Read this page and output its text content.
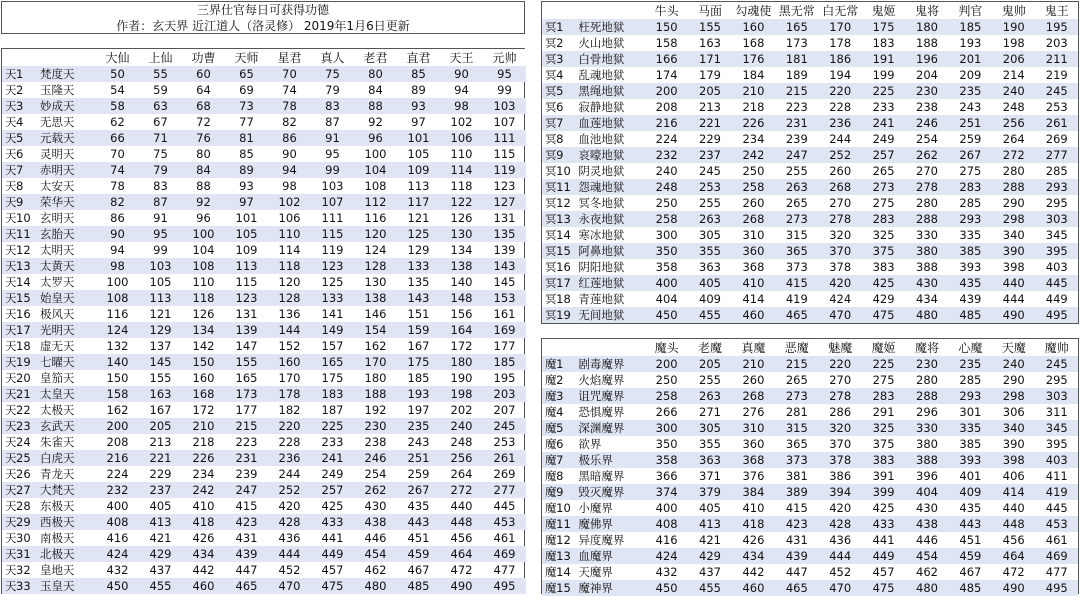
三界仕官每日可获得功德
作者：玄天界 近江道人（洛灵修） 2019年1月6日更新
			大仙	上仙	功曹	天师	星君	真人	老君	直君	天王	元帅
天	1	梵度天	50	55	60	65	70	75	80	85	90	95
天	2	玉隆天	54	59	64	69	74	79	84	89	94	99
天	3	妙成天	58	63	68	73	78	83	88	93	98	103
天	4	无思天	62	67	72	77	82	87	92	97	102	107
天	5	元载天	66	71	76	81	86	91	96	101	106	111
天	6	灵明天	70	75	80	85	90	95	100	105	110	115
天	7	赤明天	74	79	84	89	94	99	104	109	114	119
天	8	太安天	78	83	88	93	98	103	108	113	118	123
天	9	荣华天	82	87	92	97	102	107	112	117	122	127
天	10	玄明天	86	91	96	101	106	111	116	121	126	131
天	11	玄胎天	90	95	100	105	110	115	120	125	130	135
天	12	太明天	94	99	104	109	114	119	124	129	134	139
天	13	太黄天	98	103	108	113	118	123	128	133	138	143
天	14	太罗天	100	105	110	115	120	125	130	135	140	145
天	15	始皇天	108	113	118	123	128	133	138	143	148	153
天	16	极风天	116	121	126	131	136	141	146	151	156	161
天	17	光明天	124	129	134	139	144	149	154	159	164	169
天	18	虚无天	132	137	142	147	152	157	162	167	172	177
天	19	七曜天	140	145	150	155	160	165	170	175	180	185
天	20	皇笳天	150	155	160	165	170	175	180	185	190	195
天	21	太皇天	158	163	168	173	178	183	188	193	198	203
天	22	太极天	162	167	172	177	182	187	192	197	202	207
天	23	玄武天	200	205	210	215	220	225	230	235	240	245
天	24	朱雀天	208	213	218	223	228	233	238	243	248	253
天	25	白虎天	216	221	226	231	236	241	246	251	256	261
天	26	青龙天	224	229	234	239	244	249	254	259	264	269
天	27	大梵天	232	237	242	247	252	257	262	267	272	277
天	28	东极天	400	405	410	415	420	425	430	435	440	445
天	29	西极天	408	413	418	423	428	433	438	443	448	453
天	30	南极天	416	421	426	431	436	441	446	451	456	461
天	31	北极天	424	429	434	439	444	449	454	459	464	469
天	32	皇地天	432	437	442	447	452	457	462	467	472	477
天	33	玉皇天	450	455	460	465	470	475	480	485	490	495
			牛头	马面	勾魂使	黑无常	白无常	鬼姬	鬼将	判官	鬼帅	鬼王
冥	1	枉死地狱	150	155	160	165	170	175	180	185	190	195
冥	2	火山地狱	158	163	168	173	178	183	188	193	198	203
冥	3	白骨地狱	166	171	176	181	186	191	196	201	206	211
冥	4	乱魂地狱	174	179	184	189	194	199	204	209	214	219
冥	5	黑绳地狱	200	205	210	215	220	225	230	235	240	245
冥	6	寂静地狱	208	213	218	223	228	233	238	243	248	253
冥	7	血莲地狱	216	221	226	231	236	241	246	251	256	261
冥	8	血池地狱	224	229	234	239	244	249	254	259	264	269
冥	9	哀嚎地狱	232	237	242	247	252	257	262	267	272	277
冥	10	阴灵地狱	240	245	250	255	260	265	270	275	280	285
冥	11	怨魂地狱	248	253	258	263	268	273	278	283	288	293
冥	12	冥冬地狱	250	255	260	265	270	275	280	285	290	295
冥	13	永夜地狱	258	263	268	273	278	283	288	293	298	303
冥	14	寒冰地狱	300	305	310	315	320	325	330	335	340	345
冥	15	阿鼻地狱	350	355	360	365	370	375	380	385	390	395
冥	16	阴阳地狱	358	363	368	373	378	383	388	393	398	403
冥	17	红莲地狱	400	405	410	415	420	425	430	435	440	445
冥	18	青莲地狱	404	409	414	419	424	429	434	439	444	449
冥	19	无间地狱	450	455	460	465	470	475	480	485	490	495
			魔头	老魔	真魔	恶魔	魅魔	魔姬	魔将	心魔	天魔	魔帅
魔	1	剧毒魔界	200	205	210	215	220	225	230	235	240	245
魔	2	火焰魔界	250	255	260	265	270	275	280	285	290	295
魔	3	诅咒魔界	258	263	268	273	278	283	288	293	298	303
魔	4	恐惧魔界	266	271	276	281	286	291	296	301	306	311
魔	5	深渊魔界	300	305	310	315	320	325	330	335	340	345
魔	6	欲界	350	355	360	365	370	375	380	385	390	395
魔	7	极乐界	358	363	368	373	378	383	388	393	398	403
魔	8	黑暗魔界	366	371	376	381	386	391	396	401	406	411
魔	9	毁灭魔界	374	379	384	389	394	399	404	409	414	419
魔	10	小魔界	400	405	410	415	420	425	430	435	440	445
魔	11	魔佛界	408	413	418	423	428	433	438	443	448	453
魔	12	异度魔界	416	421	426	431	436	441	446	451	456	461
魔	13	血魔界	424	429	434	439	444	449	454	459	464	469
魔	14	天魔界	432	437	442	447	452	457	462	467	472	477
魔	15	魔神界	450	455	460	465	470	475	480	485	490	495
